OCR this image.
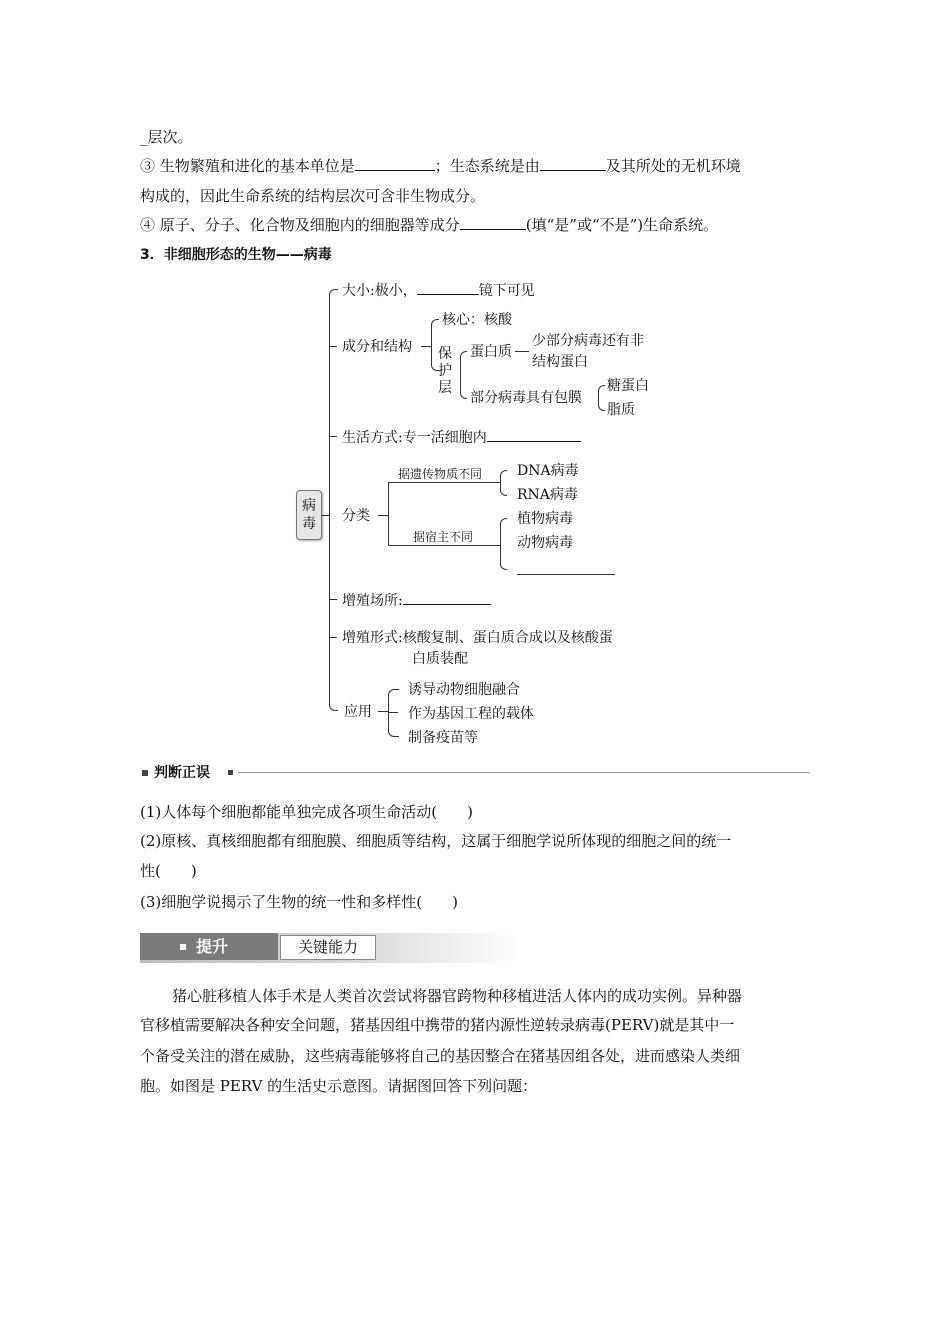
_层次。
③ 生物繁殖和进化的基本单位是	；生态系统是由	及其所处的无机环境
构成的，因此生命系统的结构层次可含非生物成分。
④ 原子、分子、化合物及细胞内的细胞器等成分	(填“是”或“不是”)生命系统。
3．非细胞形态的生物——病毒
病毒
大小:极小，	镜下可见
成分和结构
核心：核酸
保护层
蛋白质
少部分病毒还有非
结构蛋白
部分病毒具有包膜
糖蛋白
脂质
生活方式:专一活细胞内
分类
据遗传物质不同
据宿主不同
DNA病毒
RNA病毒
植物病毒
动物病毒
增殖场所:
增殖形式:核酸复制、蛋白质合成以及核酸蛋
白质装配
应用
诱导动物细胞融合
作为基因工程的载体
制备疫苗等
判断正误
(1)人体每个细胞都能单独完成各项生命活动(　　)
(2)原核、真核细胞都有细胞膜、细胞质等结构，这属于细胞学说所体现的细胞之间的统一
性(　　)
(3)细胞学说揭示了生物的统一性和多样性(　　)
提升	关键能力
猪心脏移植人体手术是人类首次尝试将器官跨物种移植进活人体内的成功实例。异种器
官移植需要解决各种安全问题，猪基因组中携带的猪内源性逆转录病毒(PERV)就是其中一
个备受关注的潜在威胁，这些病毒能够将自己的基因整合在猪基因组各处，进而感染人类细
胞。如图是 PERV 的生活史示意图。请据图回答下列问题：
